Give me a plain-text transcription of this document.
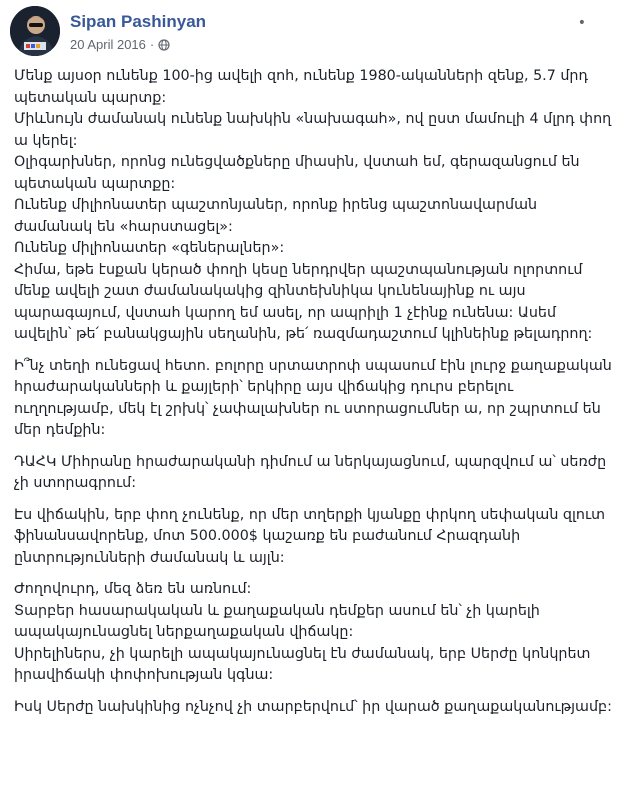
Sipan Pashinyan
20 April 2016 ·
•

Մենք այսօր ունենք 100-ից ավելի զոհ, ունենք 1980-ականների զենք, 5.7 մրդ պետական պարտք:
Միևնույն ժամանակ ունենք նախկին «նախագահ», ով ըստ մամուլի 4 մլրդ փող ա կերել:
Օլիգարխներ, որոնց ունեցվածքները միասին, վստահ եմ, գերազանցում են պետական պարտքը:
Ունենք միլիոնատեր պաշտոնյաներ, որոնք իրենց պաշտոնավարման ժամանակ են «հարստացել»:
Ունենք միլիոնատեր «գեներալներ»:
Հիմա, եթե էսքան կերած փողի կեսը ներդրվեր պաշտպանության ոլորտում մենք ավելի շատ ժամանակակից զինտեխնիկա կունենայինք ու այս պարագայում, վստահ կարող եմ ասել, որ ապրիլի 1 չէինք ունենա: Ասեմ ավելին՝ թե՛ բանակցային սեղանին, թե՛ ռազմադաշտում կլինեինք թելադրող:

Ի՞նչ տեղի ունեցավ հետո. բոլորը սրտատրոփ սպասում էին լուրջ քաղաքական հրաժարականների և քայլերի՝ երկիրը այս վիճակից դուրս բերելու ուղղությամբ, մեկ էլ շրխկ՝ չափալախներ ու ստորացումներ ա, որ շպրտում են մեր դեմքին:

ԴԱՀԿ Միհրանը հրաժարականի դիմում ա ներկայացնում, պարզվում ա՝ սեռժը չի ստորագրում:

Էս վիճակին, երբ փող չունենք, որ մեր տղերքի կյանքը փրկող սեփական զլուտ ֆինանսավորենք, մոտ 500.000$ կաշառք են բաժանում Հրազդանի ընտրությունների ժամանակ և այլն:

Ժողովուրդ, մեզ ձեռ են առնում:
Տարբեր հասարակական և քաղաքական դեմքեր ասում են՝ չի կարելի ապակայունացնել ներքաղաքական վիճակը:
Սիրելիներս, չի կարելի ապակայունացնել էն ժամանակ, երբ Սերժը կոնկրետ իրավիճակի փոփոխության կգնա:

Իսկ Սերժը նախկինից ոչնչով չի տարբերվում՝ իր վարած քաղաքականությամբ:
